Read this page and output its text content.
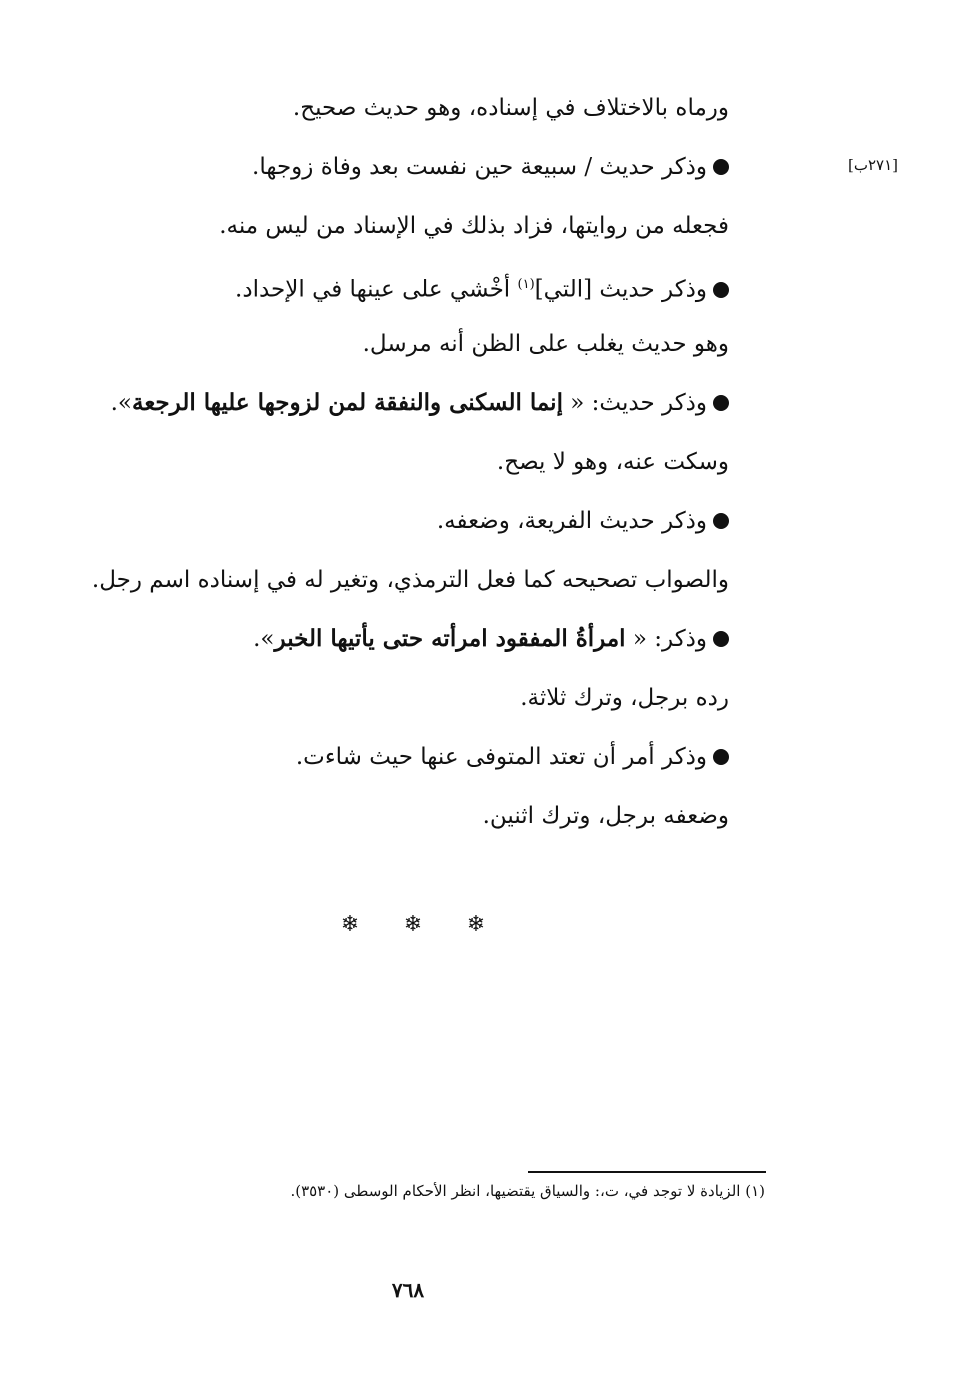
[٢٧١ب]
ورماه بالاختلاف في إسناده، وهو حديث صحيح.
وذكر حديث / سبيعة حين نفست بعد وفاة زوجها.
فجعله من روايتها، فزاد بذلك في الإسناد من ليس منه.
وذكر حديث [التي]$^{(١)}$ أخْشي على عينها في الإحداد.
وهو حديث يغلب على الظن أنه مرسل.
وذكر حديث: « إنما السكنى والنفقة لمن لزوجها عليها الرجعة».
وسكت عنه، وهو لا يصح.
وذكر حديث الفريعة، وضعفه.
والصواب تصحيحه كما فعل الترمذي، وتغير له في إسناده اسم رجل.
وذكر: « امرأةُ المفقود امرأته حتى يأتيها الخبر».
رده برجل، وترك ثلاثة.
وذكر أمر أن تعتد المتوفى عنها حيث شاءت.
وضعفه برجل، وترك اثنين.
❄ ❄ ❄
(١) الزيادة لا توجد في، ت،: والسياق يقتضيها، انظر الأحكام الوسطى (٣٥٣٠).
٧٦٨
